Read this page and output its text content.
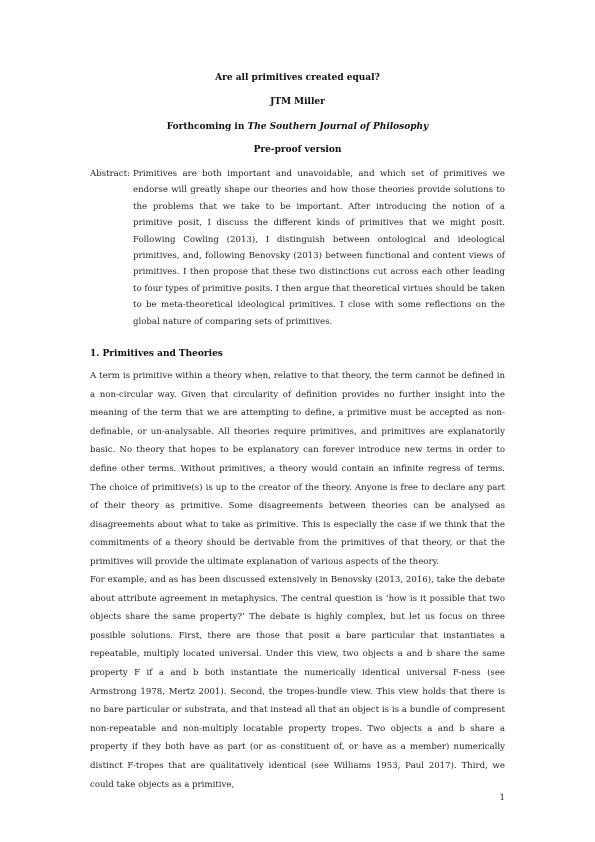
Are all primitives created equal?
JTM Miller
Forthcoming in The Southern Journal of Philosophy
Pre-proof version
Abstract: Primitives are both important and unavoidable, and which set of primitives we endorse will greatly shape our theories and how those theories provide solutions to the problems that we take to be important. After introducing the notion of a primitive posit, I discuss the different kinds of primitives that we might posit. Following Cowling (2013), I distinguish between ontological and ideological primitives, and, following Benovsky (2013) between functional and content views of primitives. I then propose that these two distinctions cut across each other leading to four types of primitive posits. I then argue that theoretical virtues should be taken to be meta-theoretical ideological primitives. I close with some reflections on the global nature of comparing sets of primitives.
1. Primitives and Theories

A term is primitive within a theory when, relative to that theory, the term cannot be defined in a non-circular way. Given that circularity of definition provides no further insight into the meaning of the term that we are attempting to define, a primitive must be accepted as non-definable, or un-analysable. All theories require primitives, and primitives are explanatorily basic. No theory that hopes to be explanatory can forever introduce new terms in order to define other terms. Without primitives, a theory would contain an infinite regress of terms. The choice of primitive(s) is up to the creator of the theory. Anyone is free to declare any part of their theory as primitive. Some disagreements between theories can be analysed as disagreements about what to take as primitive. This is especially the case if we think that the commitments of a theory should be derivable from the primitives of that theory, or that the primitives will provide the ultimate explanation of various aspects of the theory.

For example, and as has been discussed extensively in Benovsky (2013, 2016), take the debate about attribute agreement in metaphysics. The central question is ‘how is it possible that two objects share the same property?’ The debate is highly complex, but let us focus on three possible solutions. First, there are those that posit a bare particular that instantiates a repeatable, multiply located universal. Under this view, two objects a and b share the same property F if a and b both instantiate the numerically identical universal F-ness (see Armstrong 1978, Mertz 2001). Second, the tropes-bundle view. This view holds that there is no bare particular or substrata, and that instead all that an object is is a bundle of compresent non-repeatable and non-multiply locatable property tropes. Two objects a and b share a property if they both have as part (or as constituent of, or have as a member) numerically distinct F-tropes that are qualitatively identical (see Williams 1953, Paul 2017). Third, we could take objects as a primitive,

1
